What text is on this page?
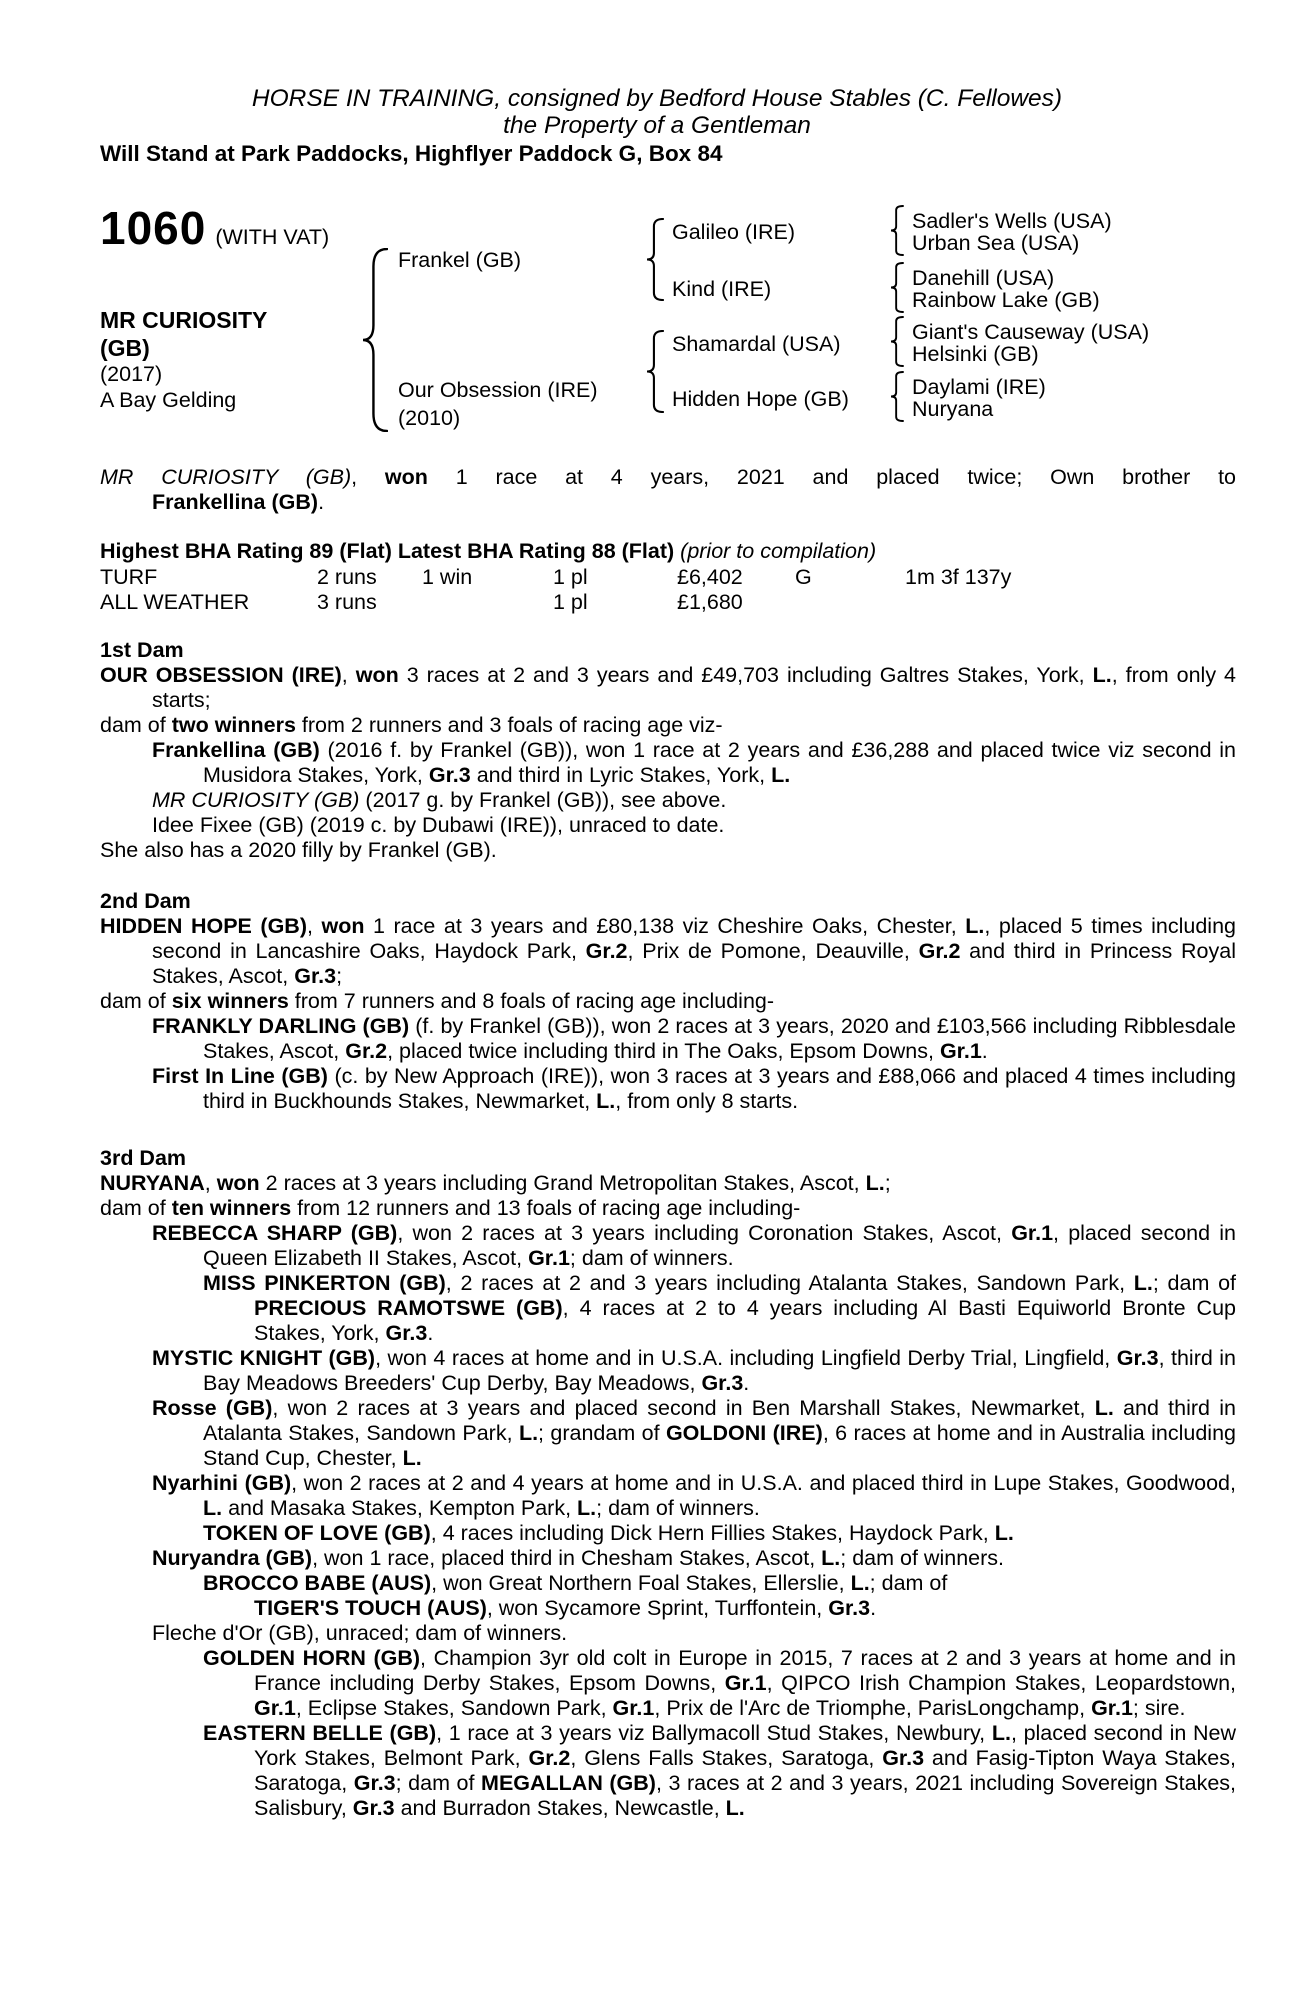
HORSE IN TRAINING, consigned by Bedford House Stables (C. Fellowes)
the Property of a Gentleman
Will Stand at Park Paddocks, Highflyer Paddock G, Box 84
1060 (WITH VAT)
MR CURIOSITY (GB)
(2017)
A Bay Gelding
Frankel (GB)
Our Obsession (IRE)
(2010)
Galileo (IRE)
Kind (IRE)
Shamardal (USA)
Hidden Hope (GB)
Sadler's Wells (USA)
Urban Sea (USA)
Danehill (USA)
Rainbow Lake (GB)
Giant's Causeway (USA)
Helsinki (GB)
Daylami (IRE)
Nuryana
MR CURIOSITY (GB), won 1 race at 4 years, 2021 and placed twice; Own brother to
Frankellina (GB).
Highest BHA Rating 89 (Flat) Latest BHA Rating 88 (Flat) (prior to compilation)
TURF	2 runs 1 win	1 pl	£6,402 G	1m 3f 137y
ALL WEATHER	3 runs	1 pl	£1,680
1st Dam
OUR OBSESSION (IRE), won 3 races at 2 and 3 years and £49,703 including Galtres Stakes, York, L., from only 4 starts;
dam of two winners from 2 runners and 3 foals of racing age viz-
Frankellina (GB) (2016 f. by Frankel (GB)), won 1 race at 2 years and £36,288 and placed twice viz second in Musidora Stakes, York, Gr.3 and third in Lyric Stakes, York, L.
MR CURIOSITY (GB) (2017 g. by Frankel (GB)), see above.
Idee Fixee (GB) (2019 c. by Dubawi (IRE)), unraced to date.
She also has a 2020 filly by Frankel (GB).
2nd Dam
HIDDEN HOPE (GB), won 1 race at 3 years and £80,138 viz Cheshire Oaks, Chester, L., placed 5 times including second in Lancashire Oaks, Haydock Park, Gr.2, Prix de Pomone, Deauville, Gr.2 and third in Princess Royal Stakes, Ascot, Gr.3;
dam of six winners from 7 runners and 8 foals of racing age including-
FRANKLY DARLING (GB) (f. by Frankel (GB)), won 2 races at 3 years, 2020 and £103,566 including Ribblesdale Stakes, Ascot, Gr.2, placed twice including third in The Oaks, Epsom Downs, Gr.1.
First In Line (GB) (c. by New Approach (IRE)), won 3 races at 3 years and £88,066 and placed 4 times including third in Buckhounds Stakes, Newmarket, L., from only 8 starts.
3rd Dam
NURYANA, won 2 races at 3 years including Grand Metropolitan Stakes, Ascot, L.;
dam of ten winners from 12 runners and 13 foals of racing age including-
REBECCA SHARP (GB), won 2 races at 3 years including Coronation Stakes, Ascot, Gr.1, placed second in Queen Elizabeth II Stakes, Ascot, Gr.1; dam of winners.
MISS PINKERTON (GB), 2 races at 2 and 3 years including Atalanta Stakes, Sandown Park, L.; dam of PRECIOUS RAMOTSWE (GB), 4 races at 2 to 4 years including Al Basti Equiworld Bronte Cup Stakes, York, Gr.3.
MYSTIC KNIGHT (GB), won 4 races at home and in U.S.A. including Lingfield Derby Trial, Lingfield, Gr.3, third in Bay Meadows Breeders' Cup Derby, Bay Meadows, Gr.3.
Rosse (GB), won 2 races at 3 years and placed second in Ben Marshall Stakes, Newmarket, L. and third in Atalanta Stakes, Sandown Park, L.; grandam of GOLDONI (IRE), 6 races at home and in Australia including Stand Cup, Chester, L.
Nyarhini (GB), won 2 races at 2 and 4 years at home and in U.S.A. and placed third in Lupe Stakes, Goodwood, L. and Masaka Stakes, Kempton Park, L.; dam of winners.
TOKEN OF LOVE (GB), 4 races including Dick Hern Fillies Stakes, Haydock Park, L.
Nuryandra (GB), won 1 race, placed third in Chesham Stakes, Ascot, L.; dam of winners.
BROCCO BABE (AUS), won Great Northern Foal Stakes, Ellerslie, L.; dam of
TIGER'S TOUCH (AUS), won Sycamore Sprint, Turffontein, Gr.3.
Fleche d'Or (GB), unraced; dam of winners.
GOLDEN HORN (GB), Champion 3yr old colt in Europe in 2015, 7 races at 2 and 3 years at home and in France including Derby Stakes, Epsom Downs, Gr.1, QIPCO Irish Champion Stakes, Leopardstown, Gr.1, Eclipse Stakes, Sandown Park, Gr.1, Prix de l'Arc de Triomphe, ParisLongchamp, Gr.1; sire.
EASTERN BELLE (GB), 1 race at 3 years viz Ballymacoll Stud Stakes, Newbury, L., placed second in New York Stakes, Belmont Park, Gr.2, Glens Falls Stakes, Saratoga, Gr.3 and Fasig-Tipton Waya Stakes, Saratoga, Gr.3; dam of MEGALLAN (GB), 3 races at 2 and 3 years, 2021 including Sovereign Stakes, Salisbury, Gr.3 and Burradon Stakes, Newcastle, L.
